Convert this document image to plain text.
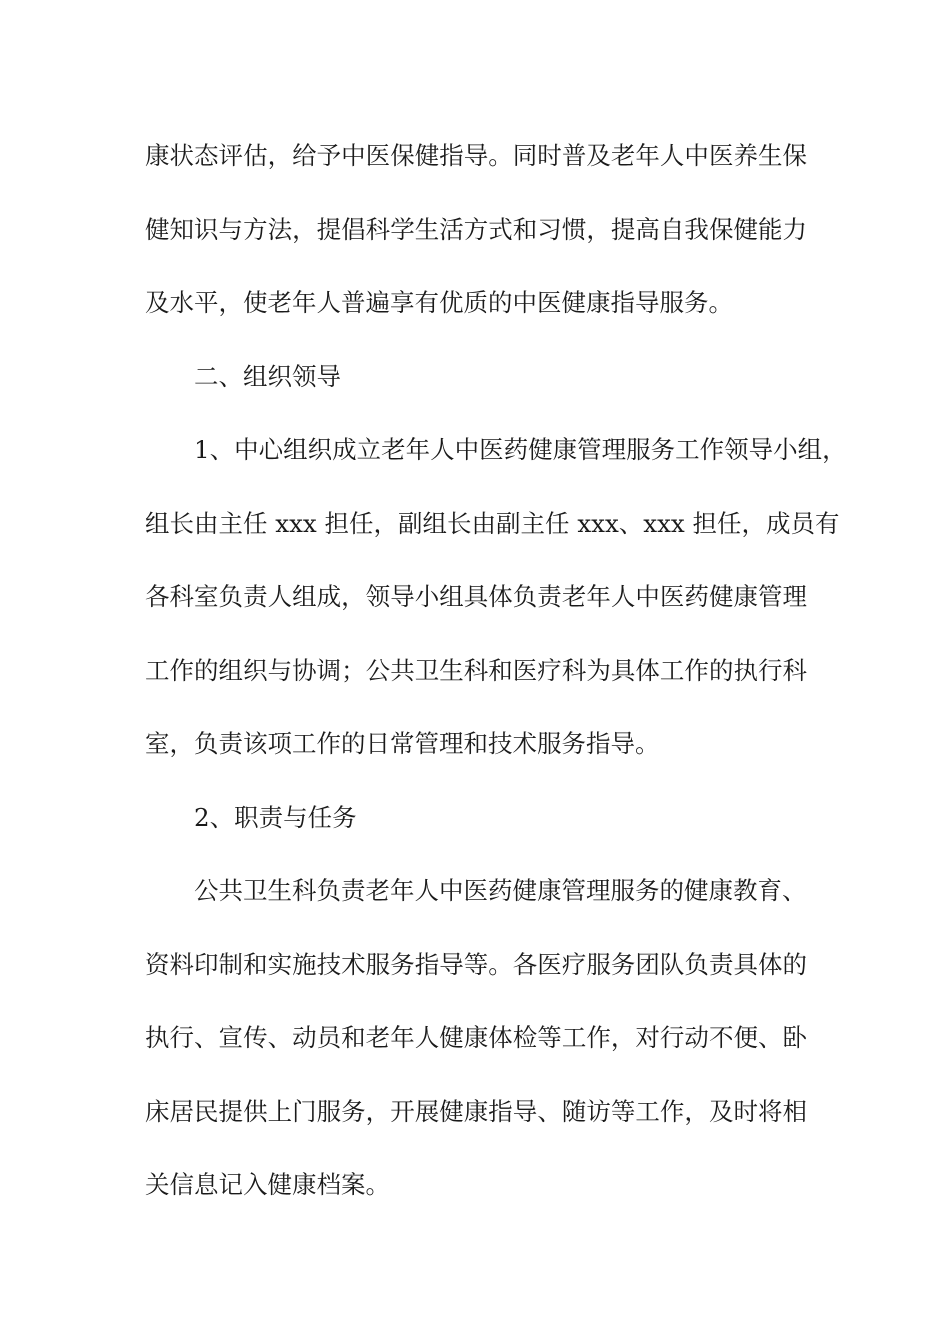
康状态评估，给予中医保健指导。同时普及老年人中医养生保
健知识与方法，提倡科学生活方式和习惯，提高自我保健能力
及水平，使老年人普遍享有优质的中医健康指导服务。
二、组织领导
1、中心组织成立老年人中医药健康管理服务工作领导小组，
组长由主任 xxx 担任，副组长由副主任 xxx、xxx 担任，成员有
各科室负责人组成，领导小组具体负责老年人中医药健康管理
工作的组织与协调；公共卫生科和医疗科为具体工作的执行科
室，负责该项工作的日常管理和技术服务指导。
2、职责与任务
公共卫生科负责老年人中医药健康管理服务的健康教育、
资料印制和实施技术服务指导等。各医疗服务团队负责具体的
执行、宣传、动员和老年人健康体检等工作，对行动不便、卧
床居民提供上门服务，开展健康指导、随访等工作，及时将相
关信息记入健康档案。
